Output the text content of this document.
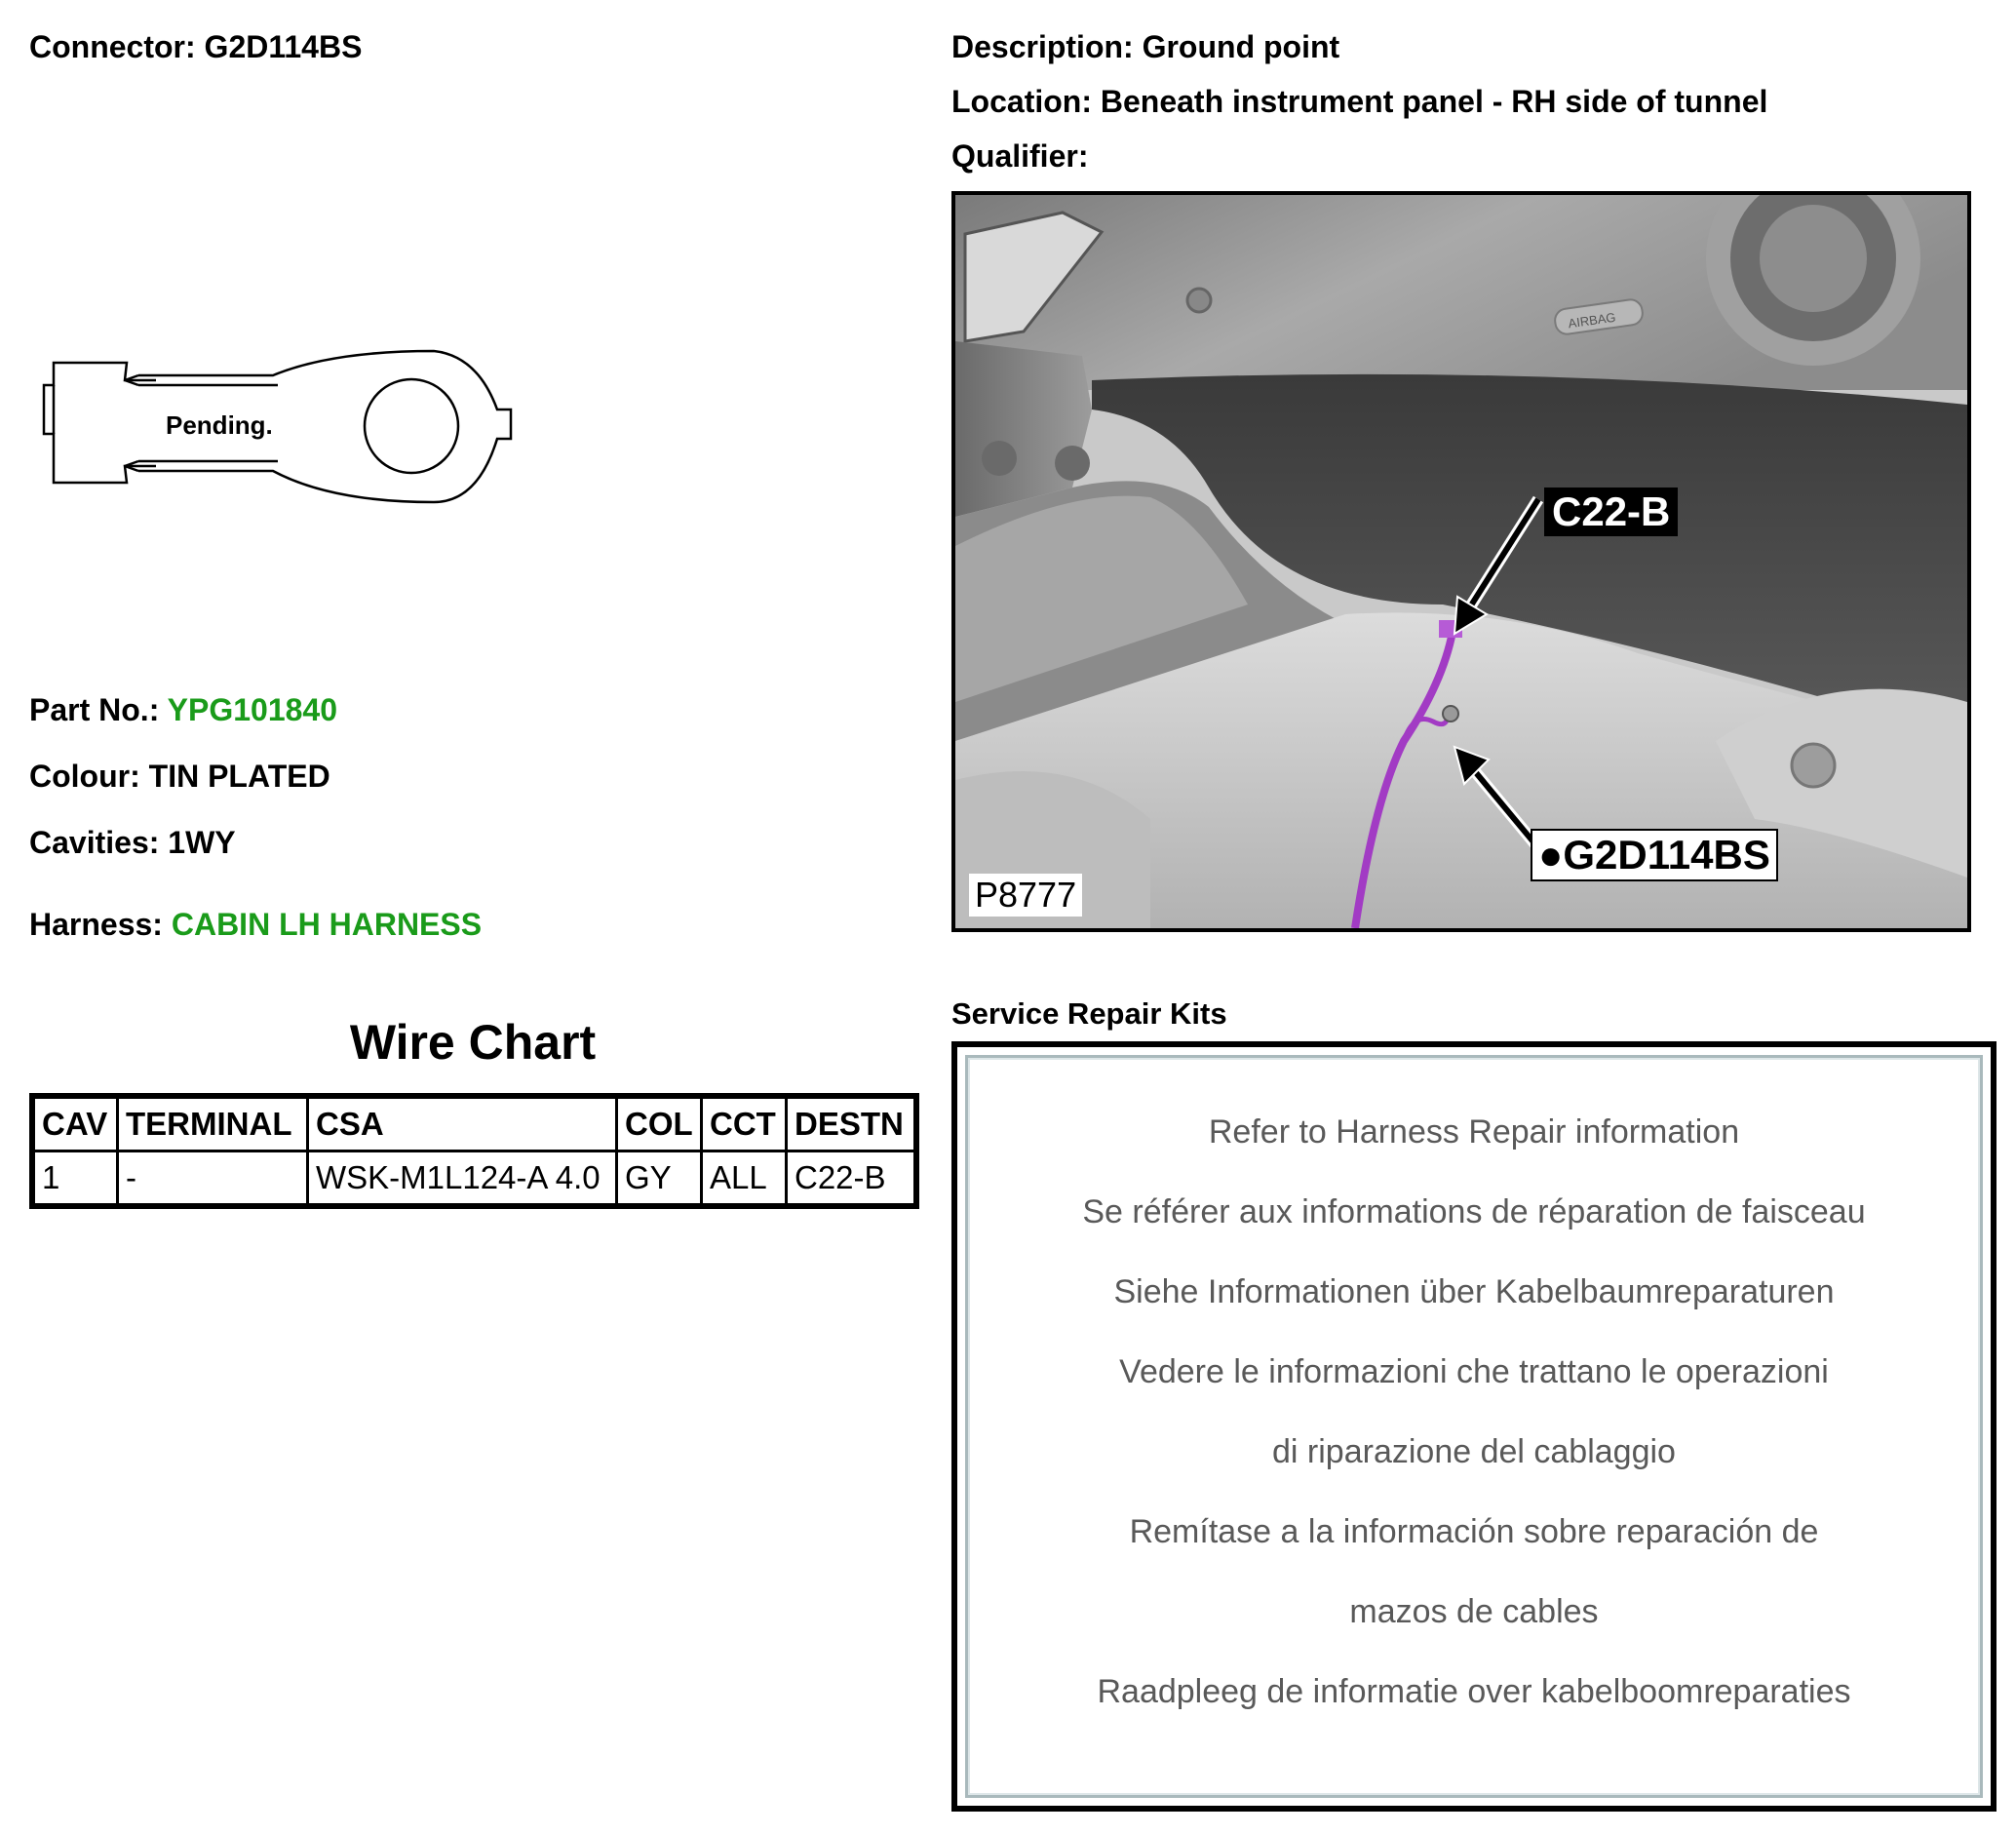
Connector: G2D114BS	Description: Ground point
Location: Beneath instrument panel - RH side of tunnel
Qualifier:
Pending.
Part No.: YPG101840
Colour: TIN PLATED
Cavities: 1WY
Harness: CABIN LH HARNESS
Wire Chart
CAV	TERMINAL	CSA	COL	CCT	DESTN
1	-	WSK-M1L124-A 4.0	GY	ALL	C22-B
AIRBAG
C22-B
●G2D114BS
P8777
Service Repair Kits
Refer to Harness Repair information
Se référer aux informations de réparation de faisceau
Siehe Informationen über Kabelbaumreparaturen
Vedere le informazioni che trattano le operazioni
di riparazione del cablaggio
Remítase a la información sobre reparación de
mazos de cables
Raadpleeg de informatie over kabelboomreparaties
